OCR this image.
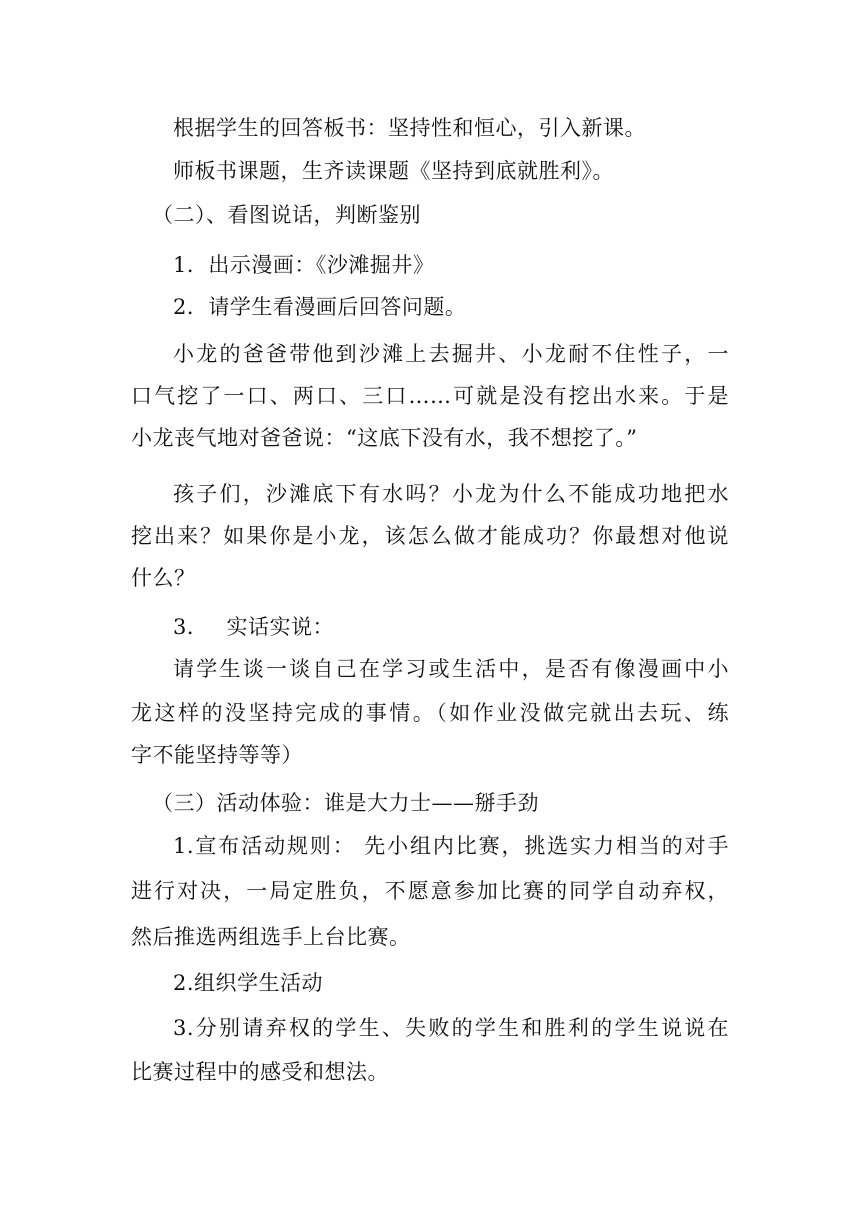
根据学生的回答板书：坚持性和恒心，引入新课。
师板书课题，生齐读课题《坚持到底就胜利》。
（二）、看图说话，判断鉴别
1．出示漫画：《沙滩掘井》
2．请学生看漫画后回答问题。
小龙的爸爸带他到沙滩上去掘井、小龙耐不住性子，一
口气挖了一口、两口、三口……可就是没有挖出水来。于是
小龙丧气地对爸爸说：“这底下没有水，我不想挖了。”
孩子们，沙滩底下有水吗？小龙为什么不能成功地把水
挖出来？如果你是小龙，该怎么做才能成功？你最想对他说
什么？
3．　 实话实说：
请学生谈一谈自己在学习或生活中，是否有像漫画中小
龙这样的没坚持完成的事情。（如作业没做完就出去玩、练
字不能坚持等等）
（三）活动体验：谁是大力士——掰手劲
1.宣布活动规则： 先小组内比赛，挑选实力相当的对手
进行对决，一局定胜负，不愿意参加比赛的同学自动弃权，
然后推选两组选手上台比赛。
2.组织学生活动
3.分别请弃权的学生、失败的学生和胜利的学生说说在
比赛过程中的感受和想法。
